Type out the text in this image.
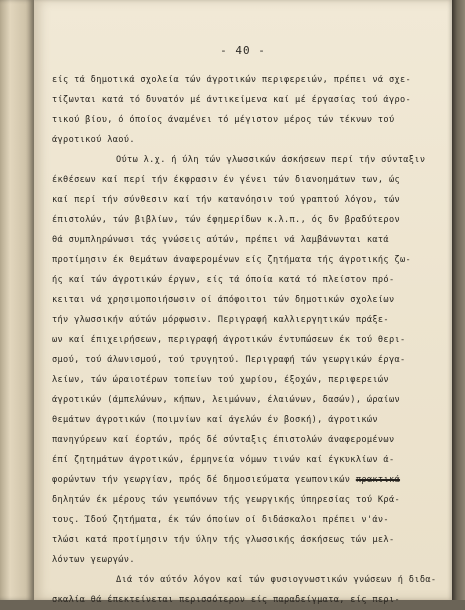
- 40 -
είς τά δημοτικά σχολεία τών άγροτικών περιφερειών, πρέπει νά σχε-
τίζωνται κατά τό δυνατόν μέ άντικείμενα καί μέ έργασίας τού άγρο-
τικού βίου, ό όποίος άναμένει τό μέγιστον μέρος τών τέκνων τού
άγροτικού λαού.
Ούτω λ.χ. ή ύλη τών γλωσσικών άσκήσεων περί τήν σύνταξιν
έκθέσεων καί περί τήν έκφρασιν έν γένει τών διανοημάτων των, ώς
καί περί τήν σύνθεσιν καί τήν κατανόησιν τού γραπτού λόγου, τών
έπιστολών, τών βιβλίων, τών έφημερίδων κ.λ.π., ός δν βραδύτερον
θά συμπληρώνωσι τάς γνώσεις αύτών, πρέπει νά λαμβάνωνται κατά
προτίμησιν έκ θεμάτων άναφερομένων είς ζητήματα τής άγροτικής ζω-
ής καί τών άγροτικών έργων, είς τά όποία κατά τό πλείστον πρό-
κειται νά χρησιμοποιήσωσιν οί άπόφοιτοι τών δημοτικών σχολείων
τήν γλωσσικήν αύτών μόρφωσιν. Περιγραφή καλλιεργητικών πράξε-
ων καί έπιχειρήσεων, περιγραφή άγροτικών έντυπώσεων έκ τού θερι-
σμού, τού άλωνισμού, τού τρυγητού. Περιγραφή τών γεωργικών έργα-
λείων, τών ώραιοτέρων τοπείων τού χωρίου, έξοχών, περιφερειών
άγροτικών (άμπελώνων, κήπων, λειμώνων, έλαιώνων, δασών), ώραίων
θεμάτων άγροτικών (ποιμνίων καί άγελών έν βοσκή), άγροτικών
πανηγύρεων καί έορτών, πρός δέ σύνταξις έπιστολών άναφερομένων
έπί ζητημάτων άγροτικών, έρμηνεία νόμων τινών καί έγκυκλίων ά-
φορώντων τήν γεωργίαν, πρός δέ δημοσιεύματα γεωπονικών πρακτικά
δηλητών έκ μέρους τών γεωπόνων τής γεωργικής ύπηρεσίας τού Κρά-
τους. Ίδού ζητήματα, έκ τών όποίων οί διδάσκαλοι πρέπει ν'άν-
τλώσι κατά προτίμησιν τήν ύλην τής γλωσσικής άσκήσεως τών μελ-
λόντων γεωργών.
Διά τόν αύτόν λόγον καί τών φυσιογνωστικών γνώσεων ή διδα-
σκαλία θά έπεκτείνεται περισσότερον είς παραδείγματα, είς περι-
